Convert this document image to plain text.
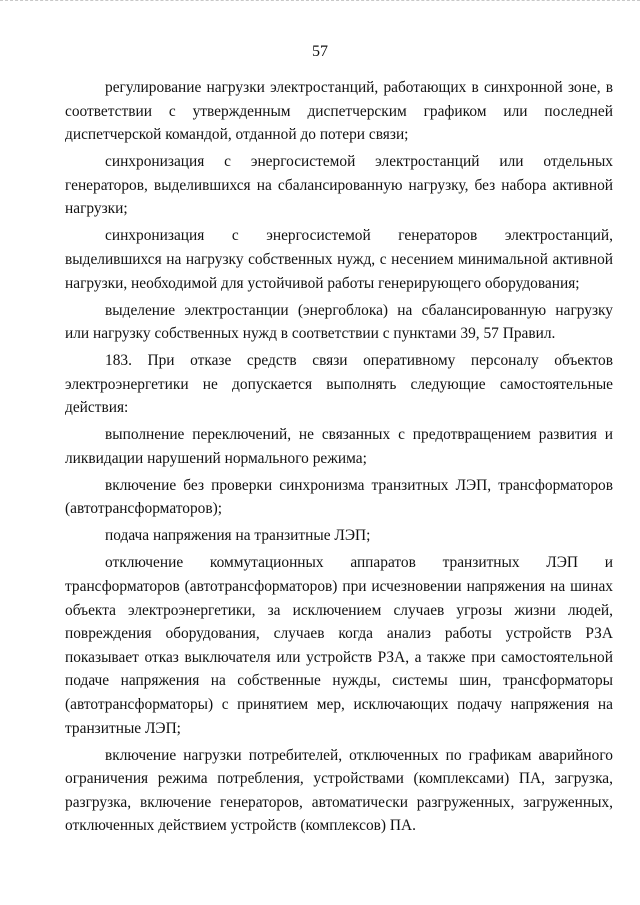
57

регулирование нагрузки электростанций, работающих в синхронной зоне, в соответствии с утвержденным диспетчерским графиком или последней диспетчерской командой, отданной до потери связи;

синхронизация с энергосистемой электростанций или отдельных генераторов, выделившихся на сбалансированную нагрузку, без набора активной нагрузки;

синхронизация с энергосистемой генераторов электростанций, выделившихся на нагрузку собственных нужд, с несением минимальной активной нагрузки, необходимой для устойчивой работы генерирующего оборудования;

выделение электростанции (энергоблока) на сбалансированную нагрузку или нагрузку собственных нужд в соответствии с пунктами 39, 57 Правил.

183. При отказе средств связи оперативному персоналу объектов электроэнергетики не допускается выполнять следующие самостоятельные действия:

выполнение переключений, не связанных с предотвращением развития и ликвидации нарушений нормального режима;

включение без проверки синхронизма транзитных ЛЭП, трансформаторов (автотрансформаторов);

подача напряжения на транзитные ЛЭП;

отключение коммутационных аппаратов транзитных ЛЭП и трансформаторов (автотрансформаторов) при исчезновении напряжения на шинах объекта электроэнергетики, за исключением случаев угрозы жизни людей, повреждения оборудования, случаев когда анализ работы устройств РЗА показывает отказ выключателя или устройств РЗА, а также при самостоятельной подаче напряжения на собственные нужды, системы шин, трансформаторы (автотрансформаторы) с принятием мер, исключающих подачу напряжения на транзитные ЛЭП;

включение нагрузки потребителей, отключенных по графикам аварийного ограничения режима потребления, устройствами (комплексами) ПА, загрузка, разгрузка, включение генераторов, автоматически разгруженных, загруженных, отключенных действием устройств (комплексов) ПА.
